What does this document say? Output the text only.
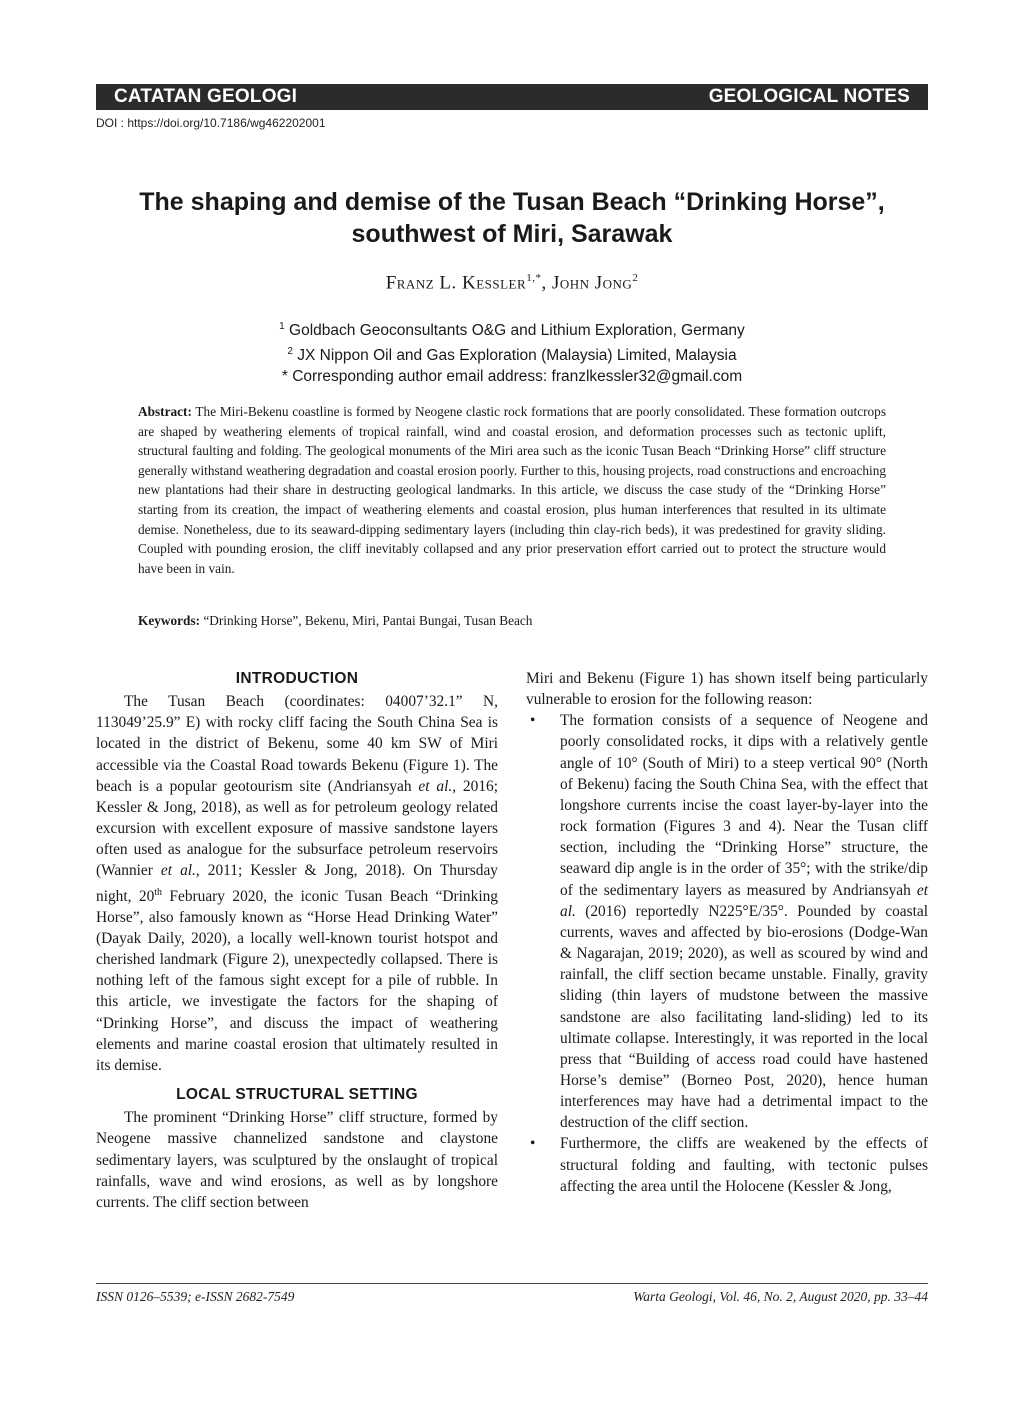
CATATAN GEOLOGI	GEOLOGICAL NOTES
DOI : https://doi.org/10.7186/wg462202001
The shaping and demise of the Tusan Beach “Drinking Horse”,
southwest of Miri, Sarawak
Franz L. Kessler$^{1,*}$, John Jong$^2$
$^1$ Goldbach Geoconsultants O&G and Lithium Exploration, Germany
$^2$ JX Nippon Oil and Gas Exploration (Malaysia) Limited, Malaysia
* Corresponding author email address: franzlkessler32@gmail.com
Abstract: The Miri-Bekenu coastline is formed by Neogene clastic rock formations that are poorly consolidated. These formation outcrops are shaped by weathering elements of tropical rainfall, wind and coastal erosion, and deformation processes such as tectonic uplift, structural faulting and folding. The geological monuments of the Miri area such as the iconic Tusan Beach “Drinking Horse” cliff structure generally withstand weathering degradation and coastal erosion poorly. Further to this, housing projects, road constructions and encroaching new plantations had their share in destructing geological landmarks. In this article, we discuss the case study of the “Drinking Horse” starting from its creation, the impact of weathering elements and coastal erosion, plus human interferences that resulted in its ultimate demise. Nonetheless, due to its seaward-dipping sedimentary layers (including thin clay-rich beds), it was predestined for gravity sliding. Coupled with pounding erosion, the cliff inevitably collapsed and any prior preservation effort carried out to protect the structure would have been in vain.
Keywords: “Drinking Horse”, Bekenu, Miri, Pantai Bungai, Tusan Beach
INTRODUCTION

The Tusan Beach (coordinates: 04007’32.1” N, 113049’25.9” E) with rocky cliff facing the South China Sea is located in the district of Bekenu, some 40 km SW of Miri accessible via the Coastal Road towards Bekenu (Figure 1). The beach is a popular geotourism site (Andriansyah et al., 2016; Kessler & Jong, 2018), as well as for petroleum geology related excursion with excellent exposure of massive sandstone layers often used as analogue for the subsurface petroleum reservoirs (Wannier et al., 2011; Kessler & Jong, 2018). On Thursday night, 20th February 2020, the iconic Tusan Beach “Drinking Horse”, also famously known as “Horse Head Drinking Water” (Dayak Daily, 2020), a locally well-known tourist hotspot and cherished landmark (Figure 2), unexpectedly collapsed. There is nothing left of the famous sight except for a pile of rubble. In this article, we investigate the factors for the shaping of “Drinking Horse”, and discuss the impact of weathering elements and marine coastal erosion that ultimately resulted in its demise.

LOCAL STRUCTURAL SETTING

The prominent “Drinking Horse” cliff structure, formed by Neogene massive channelized sandstone and claystone sedimentary layers, was sculptured by the onslaught of tropical rainfalls, wave and wind erosions, as well as by longshore currents. The cliff section between

Miri and Bekenu (Figure 1) has shown itself being particularly vulnerable to erosion for the following reason:

• The formation consists of a sequence of Neogene and poorly consolidated rocks, it dips with a relatively gentle angle of 10° (South of Miri) to a steep vertical 90° (North of Bekenu) facing the South China Sea, with the effect that longshore currents incise the coast layer-by-layer into the rock formation (Figures 3 and 4). Near the Tusan cliff section, including the “Drinking Horse” structure, the seaward dip angle is in the order of 35°; with the strike/dip of the sedimentary layers as measured by Andriansyah et al. (2016) reportedly N225°E/35°. Pounded by coastal currents, waves and affected by bio-erosions (Dodge-Wan & Nagarajan, 2019; 2020), as well as scoured by wind and rainfall, the cliff section became unstable. Finally, gravity sliding (thin layers of mudstone between the massive sandstone are also facilitating land-sliding) led to its ultimate collapse. Interestingly, it was reported in the local press that “Building of access road could have hastened Horse’s demise” (Borneo Post, 2020), hence human interferences may have had a detrimental impact to the destruction of the cliff section.
• Furthermore, the cliffs are weakened by the effects of structural folding and faulting, with tectonic pulses affecting the area until the Holocene (Kessler & Jong,
ISSN 0126–5539; e-ISSN 2682-7549	Warta Geologi, Vol. 46, No. 2, August 2020, pp. 33–44
